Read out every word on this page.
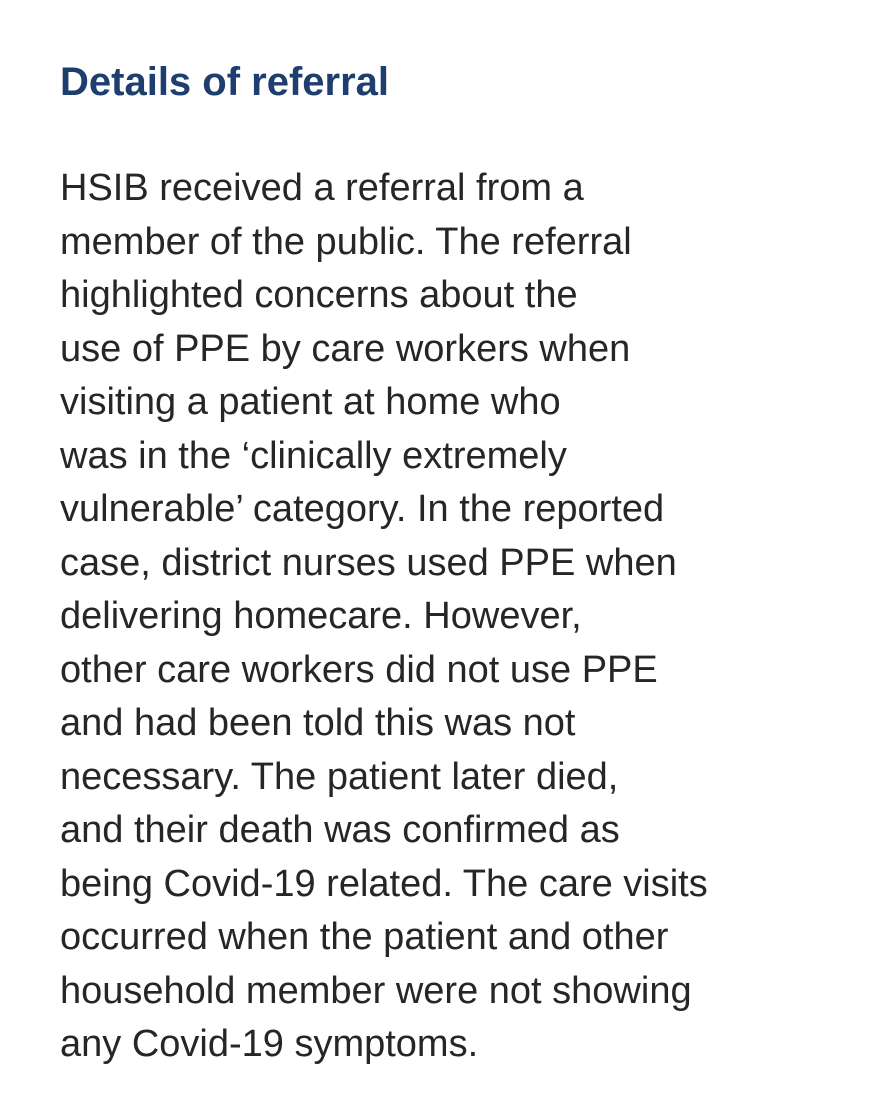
Details of referral

HSIB received a referral from a
member of the public. The referral
highlighted concerns about the
use of PPE by care workers when
visiting a patient at home who
was in the ‘clinically extremely
vulnerable’ category. In the reported
case, district nurses used PPE when
delivering homecare. However,
other care workers did not use PPE
and had been told this was not
necessary. The patient later died,
and their death was confirmed as
being Covid-19 related. The care visits
occurred when the patient and other
household member were not showing
any Covid-19 symptoms.
